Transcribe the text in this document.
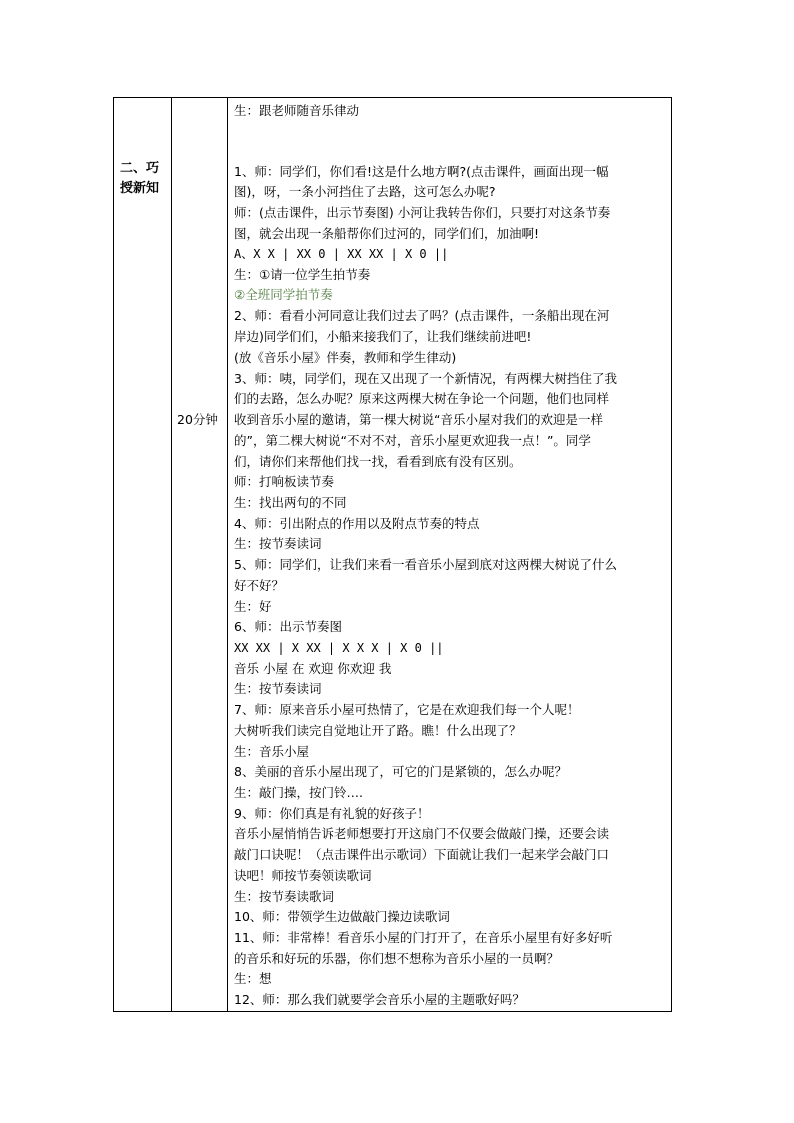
二、巧授新知
20分钟
生：跟老师随音乐律动
1、师：同学们，你们看!这是什么地方啊?(点击课件，画面出现一幅
图)，呀，一条小河挡住了去路，这可怎么办呢?
师：(点击课件，出示节奏图) 小河让我转告你们，只要打对这条节奏
图，就会出现一条船帮你们过河的，同学们们，加油啊!
A、X X | XX 0 | XX XX | X 0 ||
生：①请一位学生拍节奏
②全班同学拍节奏
2、师：看看小河同意让我们过去了吗？(点击课件，一条船出现在河
岸边)同学们们，小船来接我们了，让我们继续前进吧!
(放《音乐小屋》伴奏，教师和学生律动)
3、师：咦，同学们，现在又出现了一个新情况，有两棵大树挡住了我
们的去路，怎么办呢？原来这两棵大树在争论一个问题，他们也同样
收到音乐小屋的邀请，第一棵大树说“音乐小屋对我们的欢迎是一样
的”，第二棵大树说“不对不对，音乐小屋更欢迎我一点！”。同学
们，请你们来帮他们找一找，看看到底有没有区别。
师：打响板读节奏
生：找出两句的不同
4、师：引出附点的作用以及附点节奏的特点
生：按节奏读词
5、师：同学们，让我们来看一看音乐小屋到底对这两棵大树说了什么
好不好？
生：好
6、师：出示节奏图
XX XX | X XX | X X X | X 0 ||
音乐 小屋 在 欢迎 你欢迎 我
生：按节奏读词
7、师：原来音乐小屋可热情了，它是在欢迎我们每一个人呢！
大树听我们读完自觉地让开了路。瞧！什么出现了？
生：音乐小屋
8、美丽的音乐小屋出现了，可它的门是紧锁的，怎么办呢？
生：敲门操，按门铃….
9、师：你们真是有礼貌的好孩子！
音乐小屋悄悄告诉老师想要打开这扇门不仅要会做敲门操，还要会读
敲门口诀呢！（点击课件出示歌词）下面就让我们一起来学会敲门口
诀吧！师按节奏领读歌词
生：按节奏读歌词
10、师：带领学生边做敲门操边读歌词
11、师：非常棒！看音乐小屋的门打开了，在音乐小屋里有好多好听
的音乐和好玩的乐器，你们想不想称为音乐小屋的一员啊？
生：想
12、师：那么我们就要学会音乐小屋的主题歌好吗？
